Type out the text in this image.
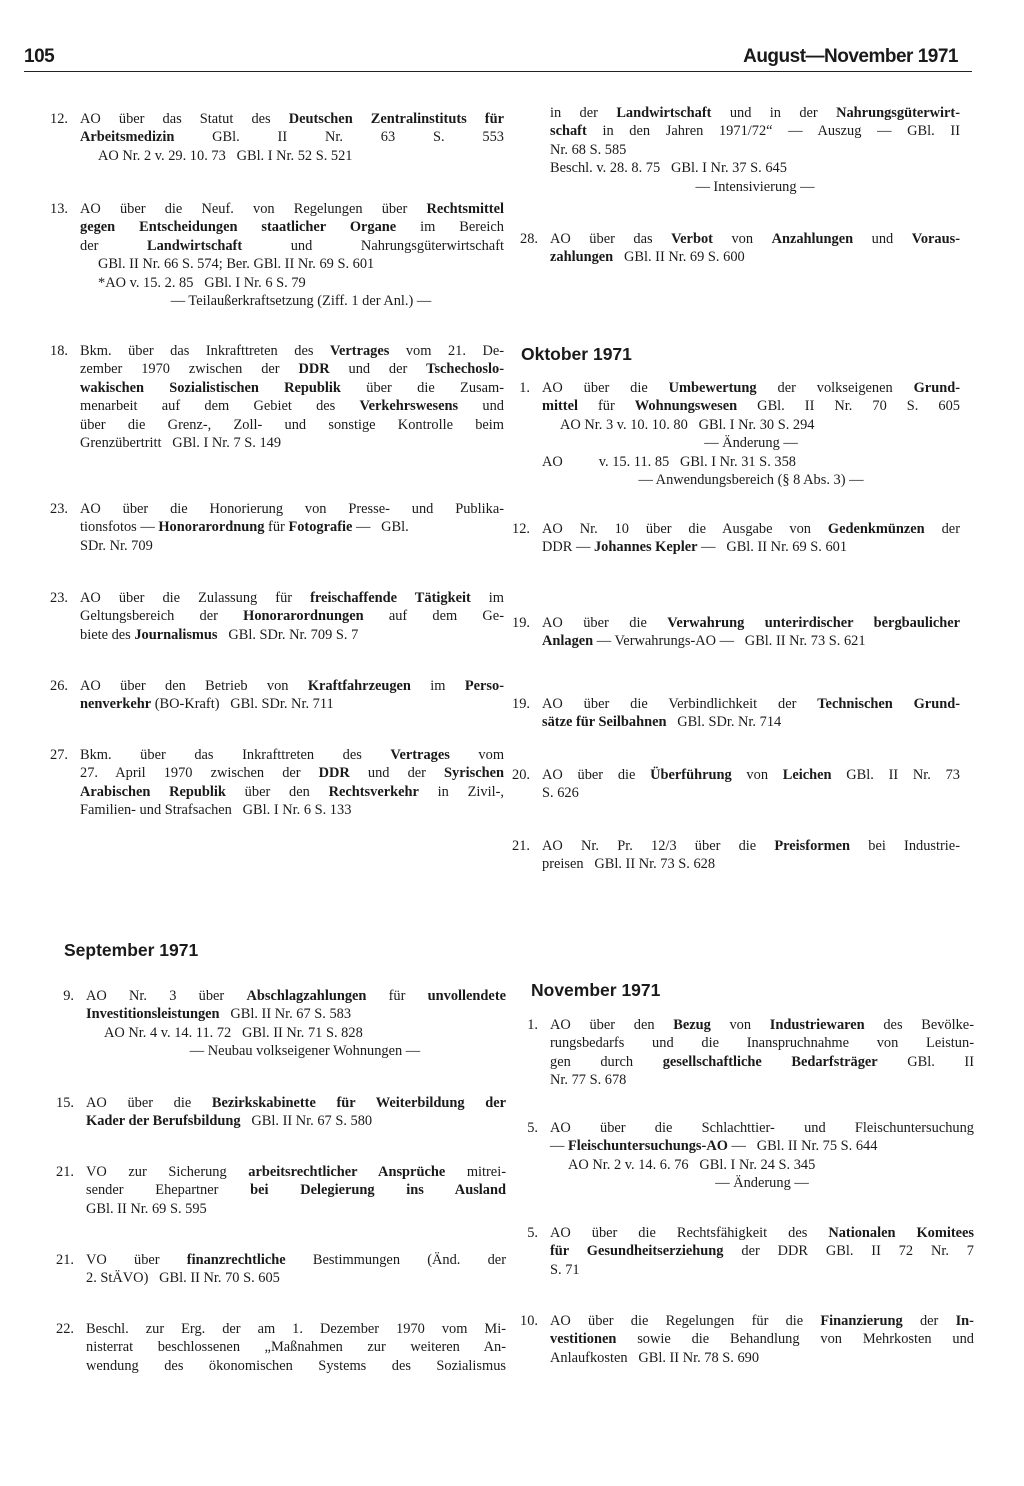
105	August—November 1971
September 1971
Oktober 1971
November 1971
12. AO über das Statut des Deutschen Zentralinstituts für
Arbeitsmedizin GBl. II Nr. 63 S. 553
AO Nr. 2 v. 29. 10. 73   GBl. I Nr. 52 S. 521
13. AO über die Neuf. von Regelungen über Rechtsmittel
gegen Entscheidungen staatlicher Organe im Bereich
der Landwirtschaft und Nahrungsgüterwirtschaft
GBl. II Nr. 66 S. 574; Ber. GBl. II Nr. 69 S. 601
*AO v. 15. 2. 85   GBl. I Nr. 6 S. 79
— Teilaußerkraftsetzung (Ziff. 1 der Anl.) —
18. Bkm. über das Inkrafttreten des Vertrages vom 21. De-
zember 1970 zwischen der DDR und der Tschechoslo-
wakischen Sozialistischen Republik über die Zusam-
menarbeit auf dem Gebiet des Verkehrswesens und
über die Grenz-, Zoll- und sonstige Kontrolle beim
Grenzübertritt   GBl. I Nr. 7 S. 149
23. AO über die Honorierung von Presse- und Publika-
tionsfotos — Honorarordnung für Fotografie —   GBl.
SDr. Nr. 709
23. AO über die Zulassung für freischaffende Tätigkeit im
Geltungsbereich der Honorarordnungen auf dem Ge-
biete des Journalismus   GBl. SDr. Nr. 709 S. 7
26. AO über den Betrieb von Kraftfahrzeugen im Perso-
nenverkehr (BO-Kraft)   GBl. SDr. Nr. 711
27. Bkm. über das Inkrafttreten des Vertrages vom
27. April 1970 zwischen der DDR und der Syrischen
Arabischen Republik über den Rechtsverkehr in Zivil-,
Familien- und Strafsachen   GBl. I Nr. 6 S. 133
9. AO Nr. 3 über Abschlagzahlungen für unvollendete
Investitionsleistungen   GBl. II Nr. 67 S. 583
AO Nr. 4 v. 14. 11. 72   GBl. II Nr. 71 S. 828
— Neubau volkseigener Wohnungen —
15. AO über die Bezirkskabinette für Weiterbildung der
Kader der Berufsbildung   GBl. II Nr. 67 S. 580
21. VO zur Sicherung arbeitsrechtlicher Ansprüche mitrei-
sender Ehepartner bei Delegierung ins Ausland
GBl. II Nr. 69 S. 595
21. VO über finanzrechtliche Bestimmungen (Änd. der
2. StÄVO)   GBl. II Nr. 70 S. 605
22. Beschl. zur Erg. der am 1. Dezember 1970 vom Mi-
nisterrat beschlossenen „Maßnahmen zur weiteren An-
wendung des ökonomischen Systems des Sozialismus
in der Landwirtschaft und in der Nahrungsgüterwirt-
schaft in den Jahren 1971/72“ — Auszug — GBl. II
Nr. 68 S. 585
Beschl. v. 28. 8. 75   GBl. I Nr. 37 S. 645
— Intensivierung —
28. AO über das Verbot von Anzahlungen und Voraus-
zahlungen   GBl. II Nr. 69 S. 600
1. AO über die Umbewertung der volkseigenen Grund-
mittel für Wohnungswesen GBl. II Nr. 70 S. 605
AO Nr. 3 v. 10. 10. 80   GBl. I Nr. 30 S. 294
— Änderung —
AO          v. 15. 11. 85   GBl. I Nr. 31 S. 358
— Anwendungsbereich (§ 8 Abs. 3) —
12. AO Nr. 10 über die Ausgabe von Gedenkmünzen der
DDR — Johannes Kepler —   GBl. II Nr. 69 S. 601
19. AO über die Verwahrung unterirdischer bergbaulicher
Anlagen — Verwahrungs-AO —   GBl. II Nr. 73 S. 621
19. AO über die Verbindlichkeit der Technischen Grund-
sätze für Seilbahnen   GBl. SDr. Nr. 714
20. AO über die Überführung von Leichen GBl. II Nr. 73
S. 626
21. AO Nr. Pr. 12/3 über die Preisformen bei Industrie-
preisen   GBl. II Nr. 73 S. 628
1. AO über den Bezug von Industriewaren des Bevölke-
rungsbedarfs und die Inanspruchnahme von Leistun-
gen durch gesellschaftliche Bedarfsträger GBl. II
Nr. 77 S. 678
5. AO über die Schlachttier- und Fleischuntersuchung
— Fleischuntersuchungs-AO —   GBl. II Nr. 75 S. 644
AO Nr. 2 v. 14. 6. 76   GBl. I Nr. 24 S. 345
— Änderung —
5. AO über die Rechtsfähigkeit des Nationalen Komitees
für Gesundheitserziehung der DDR GBl. II 72 Nr. 7
S. 71
10. AO über die Regelungen für die Finanzierung der In-
vestitionen sowie die Behandlung von Mehrkosten und
Anlaufkosten   GBl. II Nr. 78 S. 690
